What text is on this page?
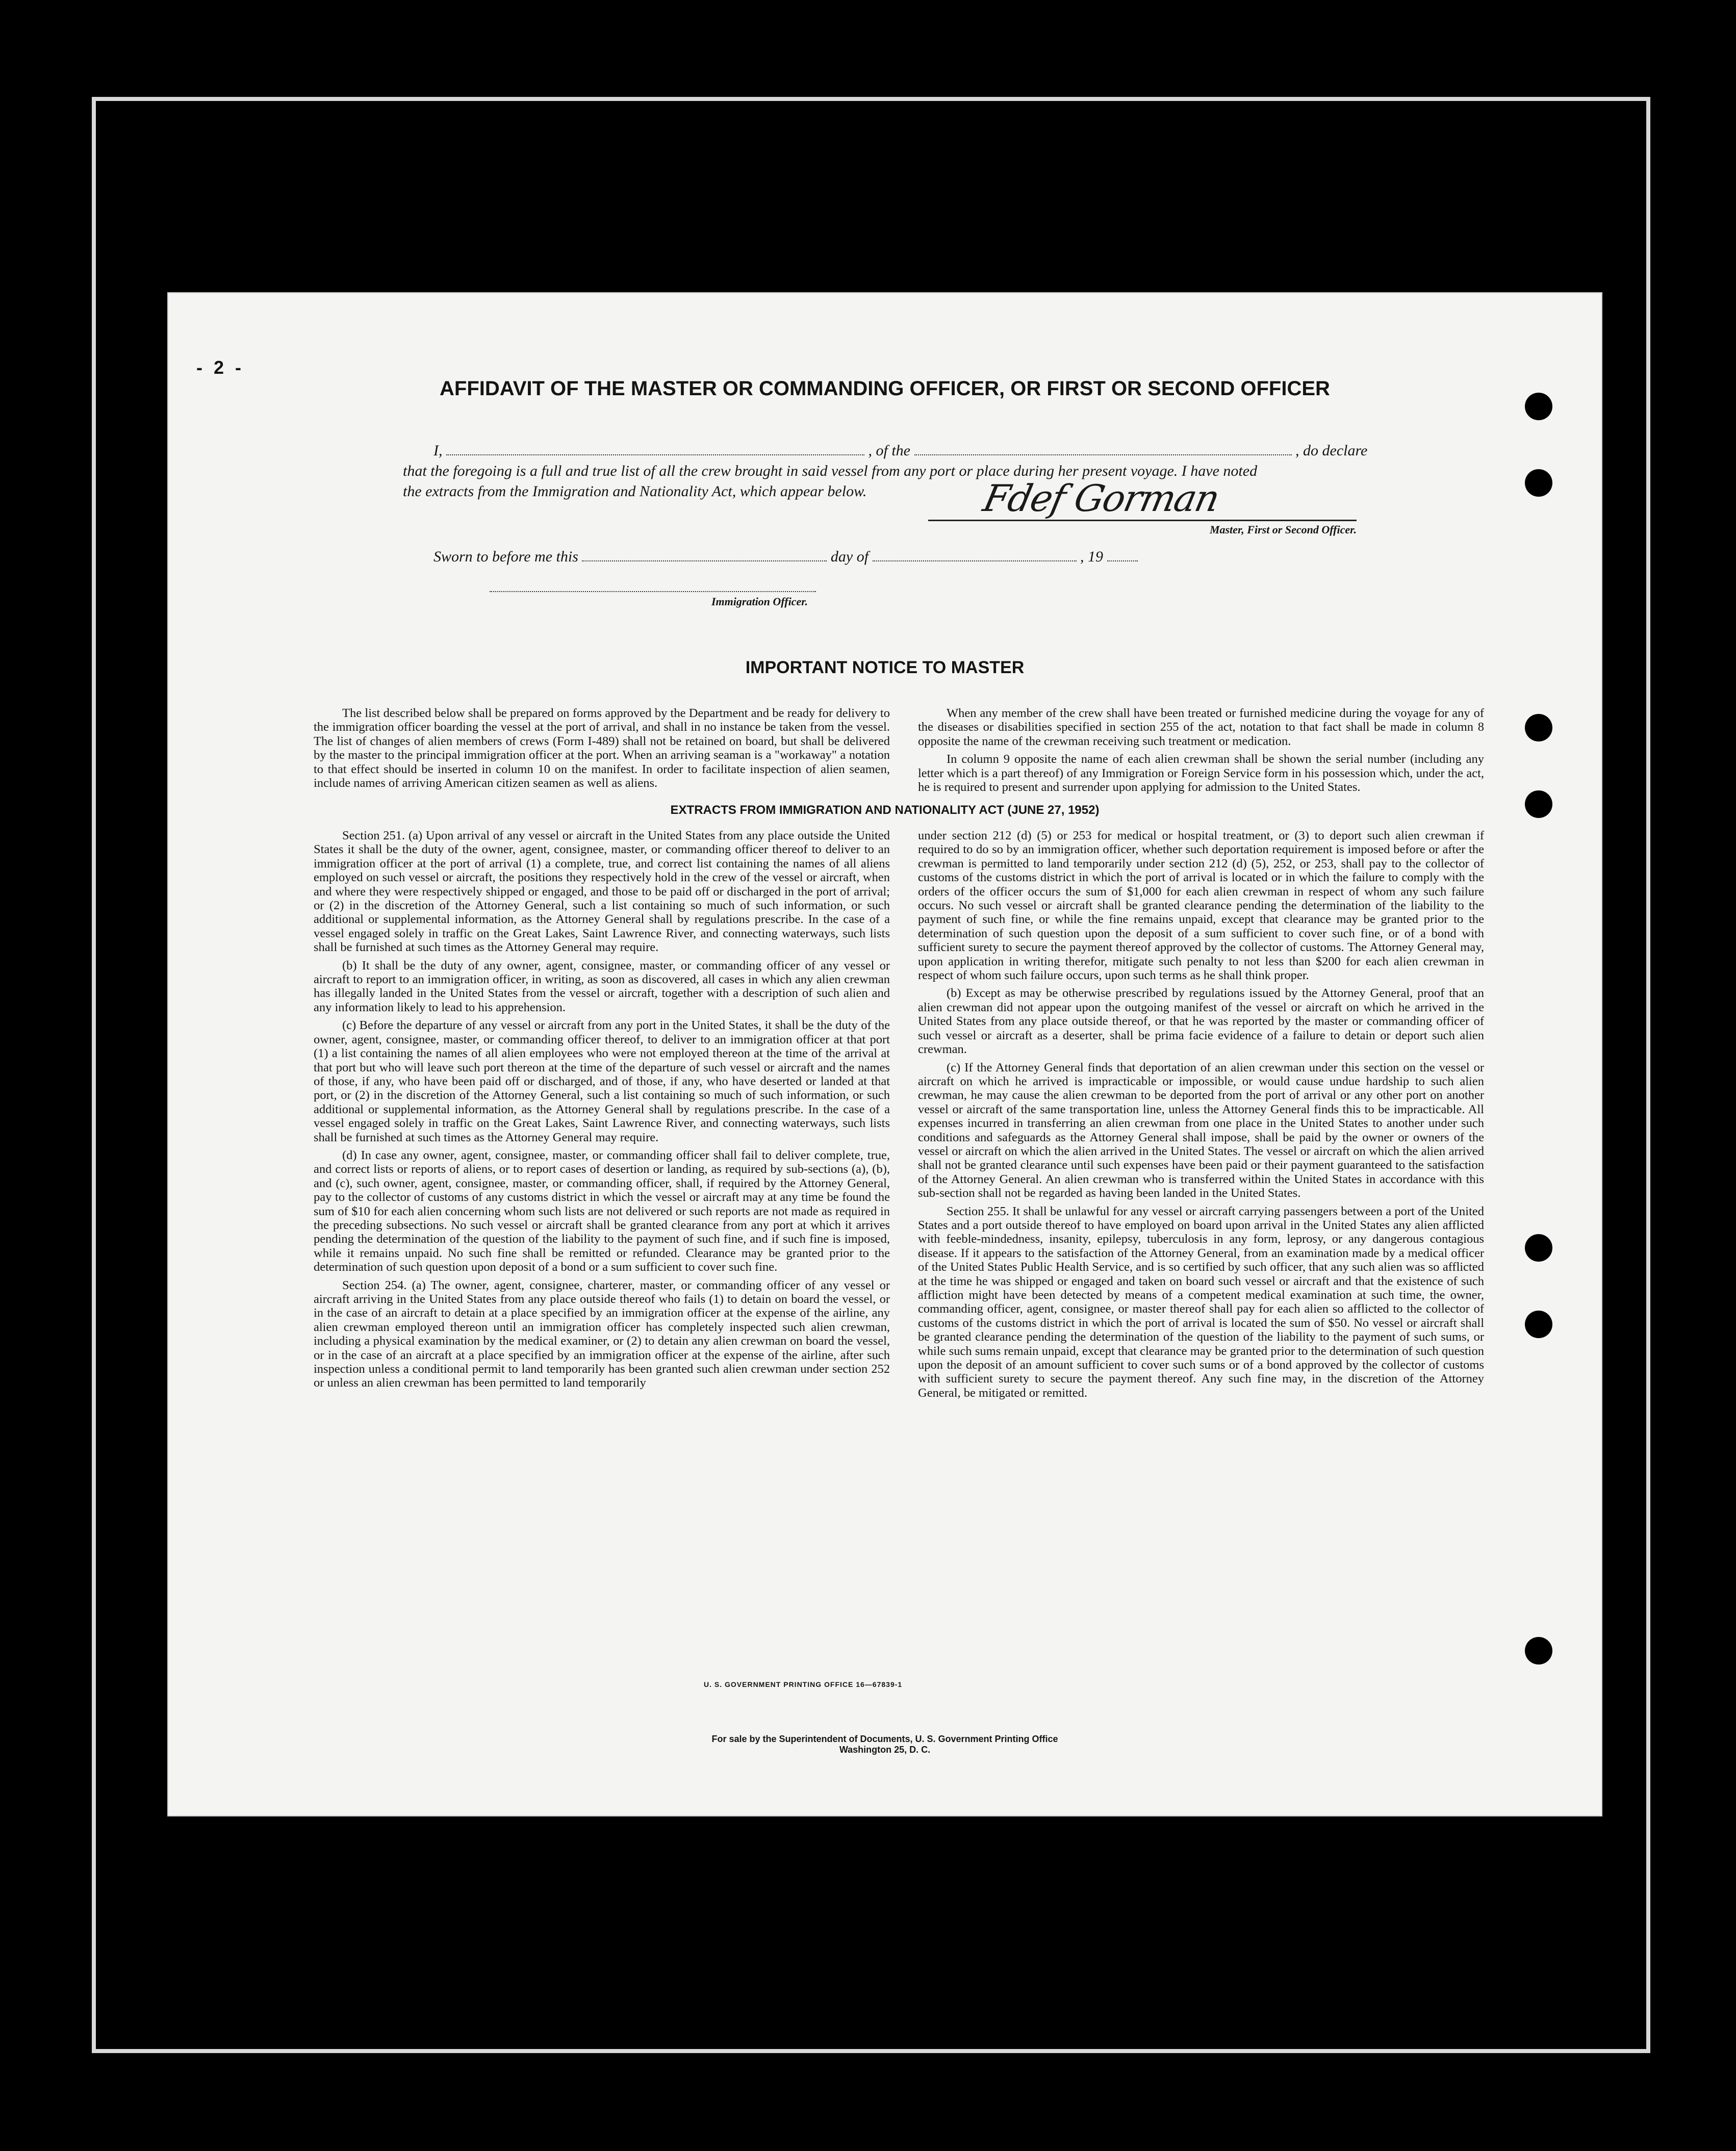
- 2 -
AFFIDAVIT OF THE MASTER OR COMMANDING OFFICER, OR FIRST OR SECOND OFFICER
I,	, of the	, do declare
that the foregoing is a full and true list of all the crew brought in said vessel from any port or place during her present voyage. I have noted
the extracts from the Immigration and Nationality Act, which appear below.	Fdef Gorman
Master, First or Second Officer.
Sworn to before me this	day of	, 19
Immigration Officer.
IMPORTANT NOTICE TO MASTER

The list described below shall be prepared on forms approved by the Department and be ready for delivery to the immigration officer boarding the vessel at the port of arrival, and shall in no instance be taken from the vessel. The list of changes of alien members of crews (Form I-489) shall not be retained on board, but shall be delivered by the master to the principal immigration officer at the port. When an arriving seaman is a "workaway" a notation to that effect should be inserted in column 10 on the manifest. In order to facilitate inspection of alien seamen, include names of arriving American citizen seamen as well as aliens.

When any member of the crew shall have been treated or furnished medicine during the voyage for any of the diseases or disabilities specified in section 255 of the act, notation to that fact shall be made in column 8 opposite the name of the crewman receiving such treatment or medication.

In column 9 opposite the name of each alien crewman shall be shown the serial number (including any letter which is a part thereof) of any Immigration or Foreign Service form in his possession which, under the act, he is required to present and surrender upon applying for admission to the United States.

EXTRACTS FROM IMMIGRATION AND NATIONALITY ACT (JUNE 27, 1952)

Section 251. (a) Upon arrival of any vessel or aircraft in the United States from any place outside the United States it shall be the duty of the owner, agent, consignee, master, or commanding officer thereof to deliver to an immigration officer at the port of arrival (1) a complete, true, and correct list containing the names of all aliens employed on such vessel or aircraft, the positions they respectively hold in the crew of the vessel or aircraft, when and where they were respectively shipped or engaged, and those to be paid off or discharged in the port of arrival; or (2) in the discretion of the Attorney General, such a list containing so much of such information, or such additional or supplemental information, as the Attorney General shall by regulations prescribe. In the case of a vessel engaged solely in traffic on the Great Lakes, Saint Lawrence River, and connecting waterways, such lists shall be furnished at such times as the Attorney General may require.

(b) It shall be the duty of any owner, agent, consignee, master, or commanding officer of any vessel or aircraft to report to an immigration officer, in writing, as soon as discovered, all cases in which any alien crewman has illegally landed in the United States from the vessel or aircraft, together with a description of such alien and any information likely to lead to his apprehension.

(c) Before the departure of any vessel or aircraft from any port in the United States, it shall be the duty of the owner, agent, consignee, master, or commanding officer thereof, to deliver to an immigration officer at that port (1) a list containing the names of all alien employees who were not employed thereon at the time of the arrival at that port but who will leave such port thereon at the time of the departure of such vessel or aircraft and the names of those, if any, who have been paid off or discharged, and of those, if any, who have deserted or landed at that port, or (2) in the discretion of the Attorney General, such a list containing so much of such information, or such additional or supplemental information, as the Attorney General shall by regulations prescribe. In the case of a vessel engaged solely in traffic on the Great Lakes, Saint Lawrence River, and connecting waterways, such lists shall be furnished at such times as the Attorney General may require.

(d) In case any owner, agent, consignee, master, or commanding officer shall fail to deliver complete, true, and correct lists or reports of aliens, or to report cases of desertion or landing, as required by sub-sections (a), (b), and (c), such owner, agent, consignee, master, or commanding officer, shall, if required by the Attorney General, pay to the collector of customs of any customs district in which the vessel or aircraft may at any time be found the sum of $10 for each alien concerning whom such lists are not delivered or such reports are not made as required in the preceding subsections. No such vessel or aircraft shall be granted clearance from any port at which it arrives pending the determination of the question of the liability to the payment of such fine, and if such fine is imposed, while it remains unpaid. No such fine shall be remitted or refunded. Clearance may be granted prior to the determination of such question upon deposit of a bond or a sum sufficient to cover such fine.

Section 254. (a) The owner, agent, consignee, charterer, master, or commanding officer of any vessel or aircraft arriving in the United States from any place outside thereof who fails (1) to detain on board the vessel, or in the case of an aircraft to detain at a place specified by an immigration officer at the expense of the airline, any alien crewman employed thereon until an immigration officer has completely inspected such alien crewman, including a physical examination by the medical examiner, or (2) to detain any alien crewman on board the vessel, or in the case of an aircraft at a place specified by an immigration officer at the expense of the airline, after such inspection unless a conditional permit to land temporarily has been granted such alien crewman under section 252 or unless an alien crewman has been permitted to land temporarily

under section 212 (d) (5) or 253 for medical or hospital treatment, or (3) to deport such alien crewman if required to do so by an immigration officer, whether such deportation requirement is imposed before or after the crewman is permitted to land temporarily under section 212 (d) (5), 252, or 253, shall pay to the collector of customs of the customs district in which the port of arrival is located or in which the failure to comply with the orders of the officer occurs the sum of $1,000 for each alien crewman in respect of whom any such failure occurs. No such vessel or aircraft shall be granted clearance pending the determination of the liability to the payment of such fine, or while the fine remains unpaid, except that clearance may be granted prior to the determination of such question upon the deposit of a sum sufficient to cover such fine, or of a bond with sufficient surety to secure the payment thereof approved by the collector of customs. The Attorney General may, upon application in writing therefor, mitigate such penalty to not less than $200 for each alien crewman in respect of whom such failure occurs, upon such terms as he shall think proper.

(b) Except as may be otherwise prescribed by regulations issued by the Attorney General, proof that an alien crewman did not appear upon the outgoing manifest of the vessel or aircraft on which he arrived in the United States from any place outside thereof, or that he was reported by the master or commanding officer of such vessel or aircraft as a deserter, shall be prima facie evidence of a failure to detain or deport such alien crewman.

(c) If the Attorney General finds that deportation of an alien crewman under this section on the vessel or aircraft on which he arrived is impracticable or impossible, or would cause undue hardship to such alien crewman, he may cause the alien crewman to be deported from the port of arrival or any other port on another vessel or aircraft of the same transportation line, unless the Attorney General finds this to be impracticable. All expenses incurred in transferring an alien crewman from one place in the United States to another under such conditions and safeguards as the Attorney General shall impose, shall be paid by the owner or owners of the vessel or aircraft on which the alien arrived in the United States. The vessel or aircraft on which the alien arrived shall not be granted clearance until such expenses have been paid or their payment guaranteed to the satisfaction of the Attorney General. An alien crewman who is transferred within the United States in accordance with this sub-section shall not be regarded as having been landed in the United States.

Section 255. It shall be unlawful for any vessel or aircraft carrying passengers between a port of the United States and a port outside thereof to have employed on board upon arrival in the United States any alien afflicted with feeble-mindedness, insanity, epilepsy, tuberculosis in any form, leprosy, or any dangerous contagious disease. If it appears to the satisfaction of the Attorney General, from an examination made by a medical officer of the United States Public Health Service, and is so certified by such officer, that any such alien was so afflicted at the time he was shipped or engaged and taken on board such vessel or aircraft and that the existence of such affliction might have been detected by means of a competent medical examination at such time, the owner, commanding officer, agent, consignee, or master thereof shall pay for each alien so afflicted to the collector of customs of the customs district in which the port of arrival is located the sum of $50. No vessel or aircraft shall be granted clearance pending the determination of the question of the liability to the payment of such sums, or while such sums remain unpaid, except that clearance may be granted prior to the determination of such question upon the deposit of an amount sufficient to cover such sums or of a bond approved by the collector of customs with sufficient surety to secure the payment thereof. Any such fine may, in the discretion of the Attorney General, be mitigated or remitted.

U. S. GOVERNMENT PRINTING OFFICE 16—67839-1
For sale by the Superintendent of Documents, U. S. Government Printing Office
Washington 25, D. C.
